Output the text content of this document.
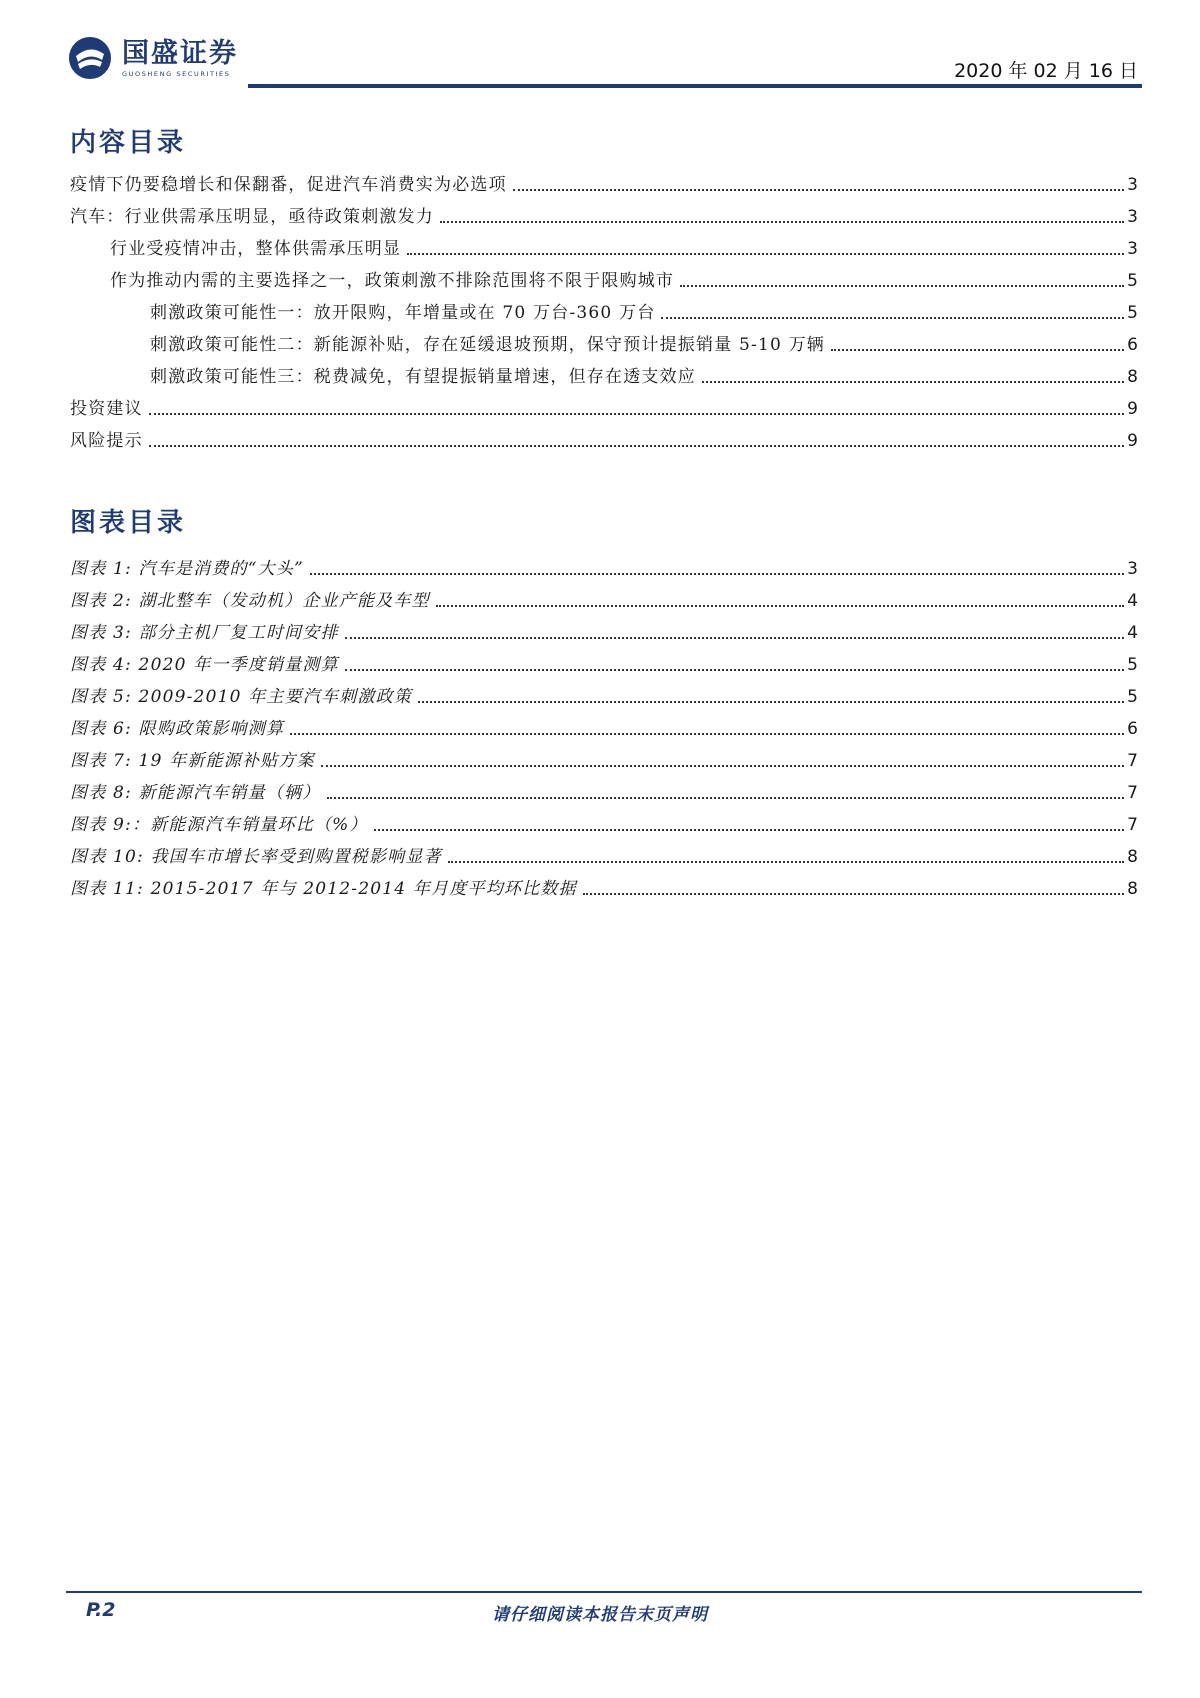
国盛证券
GUOSHENG SECURITIES	2020 年 02 月 16 日
内容目录
疫情下仍要稳增长和保翻番，促进汽车消费实为必选项	3
汽车：行业供需承压明显，亟待政策刺激发力	3
行业受疫情冲击，整体供需承压明显	3
作为推动内需的主要选择之一，政策刺激不排除范围将不限于限购城市	5
刺激政策可能性一：放开限购，年增量或在 70 万台-360 万台	5
刺激政策可能性二：新能源补贴，存在延缓退坡预期，保守预计提振销量 5-10 万辆	6
刺激政策可能性三：税费减免，有望提振销量增速，但存在透支效应	8
投资建议	9
风险提示	9
图表目录
图表 1: 汽车是消费的“大头”	3
图表 2: 湖北整车（发动机）企业产能及车型	4
图表 3: 部分主机厂复工时间安排	4
图表 4: 2020 年一季度销量测算	5
图表 5: 2009-2010 年主要汽车刺激政策	5
图表 6: 限购政策影响测算	6
图表 7: 19 年新能源补贴方案	7
图表 8: 新能源汽车销量（辆）	7
图表 9:：新能源汽车销量环比（%）	7
图表 10: 我国车市增长率受到购置税影响显著	8
图表 11: 2015-2017 年与 2012-2014 年月度平均环比数据	8
P.2	请仔细阅读本报告末页声明
